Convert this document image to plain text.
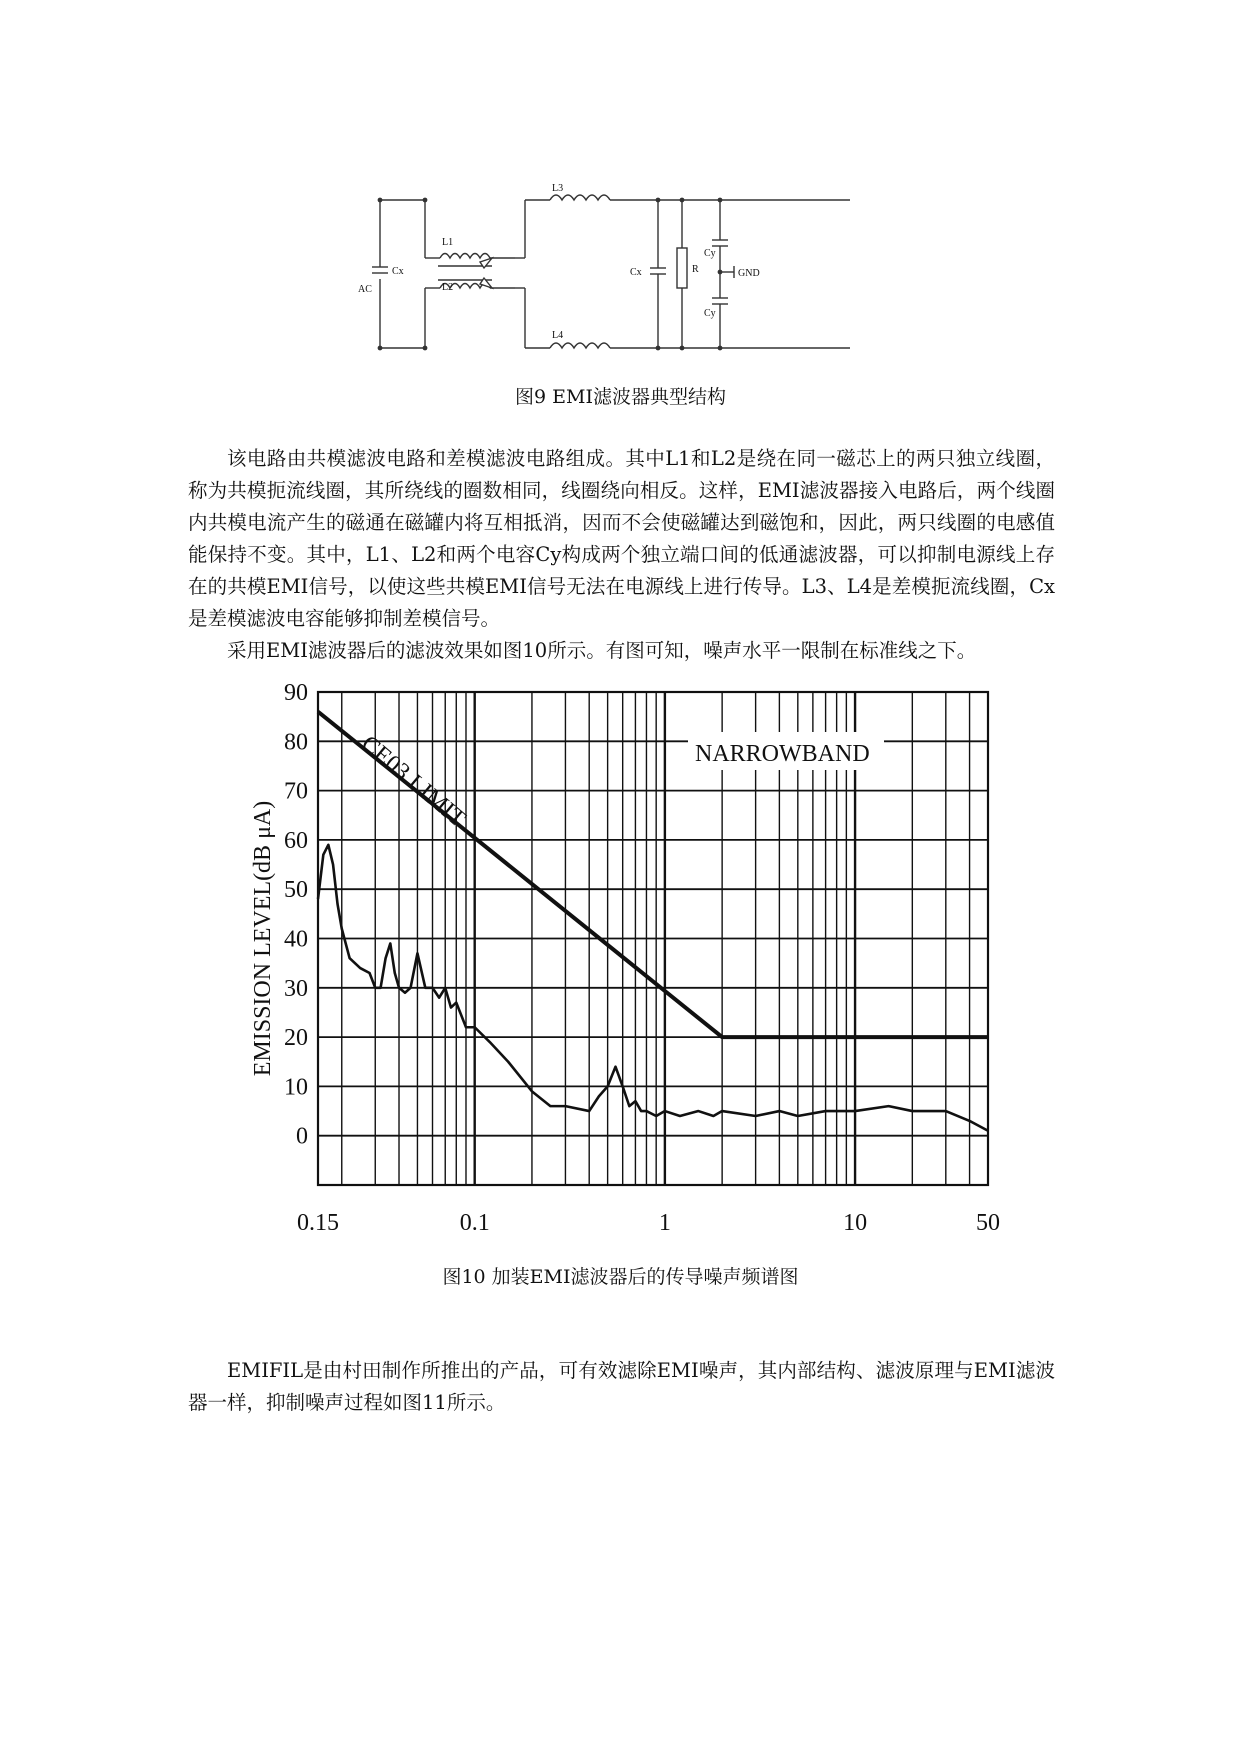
AC
Cx
L1
L2
L3
L4
Cx	R
Cy
Cy
GND
图9 EMI滤波器典型结构

该电路由共模滤波电路和差模滤波电路组成。其中L1和L2是绕在同一磁芯上的两只独立线圈，称为共模扼流线圈，其所绕线的圈数相同，线圈绕向相反。这样，EMI滤波器接入电路后，两个线圈内共模电流产生的磁通在磁罐内将互相抵消，因而不会使磁罐达到磁饱和，因此，两只线圈的电感值能保持不变。其中，L1、L2和两个电容Cy构成两个独立端口间的低通滤波器，可以抑制电源线上存在的共模EMI信号，以使这些共模EMI信号无法在电源线上进行传导。L3、L4是差模扼流线圈，Cx是差模滤波电容能够抑制差模信号。

采用EMI滤波器后的滤波效果如图10所示。有图可知，噪声水平一限制在标准线之下。

0
10
20
30
40
50
60
70
80
90
0.15	0.1	1	10	50
EMISSION LEVEL(dB μA)
NARROWBAND
CE03 LIMIT
图10 加装EMI滤波器后的传导噪声频谱图

EMIFIL是由村田制作所推出的产品，可有效滤除EMI噪声，其内部结构、滤波原理与EMI滤波器一样，抑制噪声过程如图11所示。
